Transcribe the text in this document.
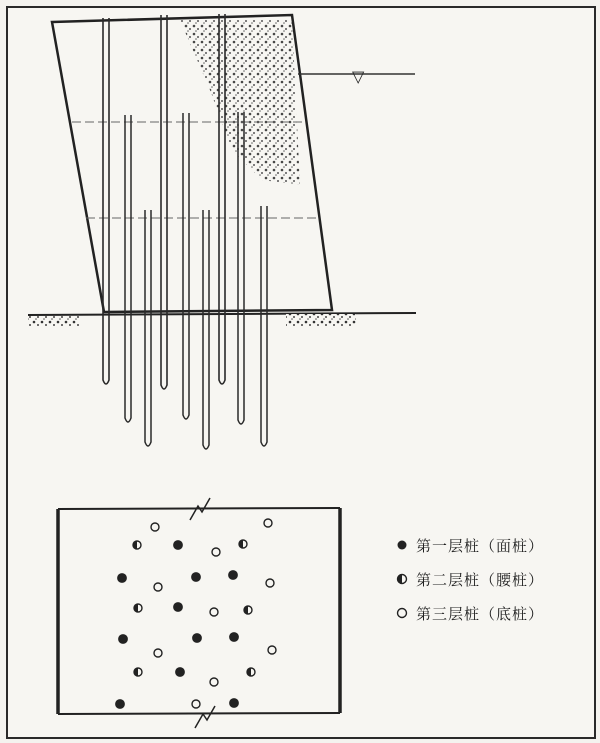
▽
第一层桩（面桩）
第二层桩（腰桩）
第三层桩（底桩）
